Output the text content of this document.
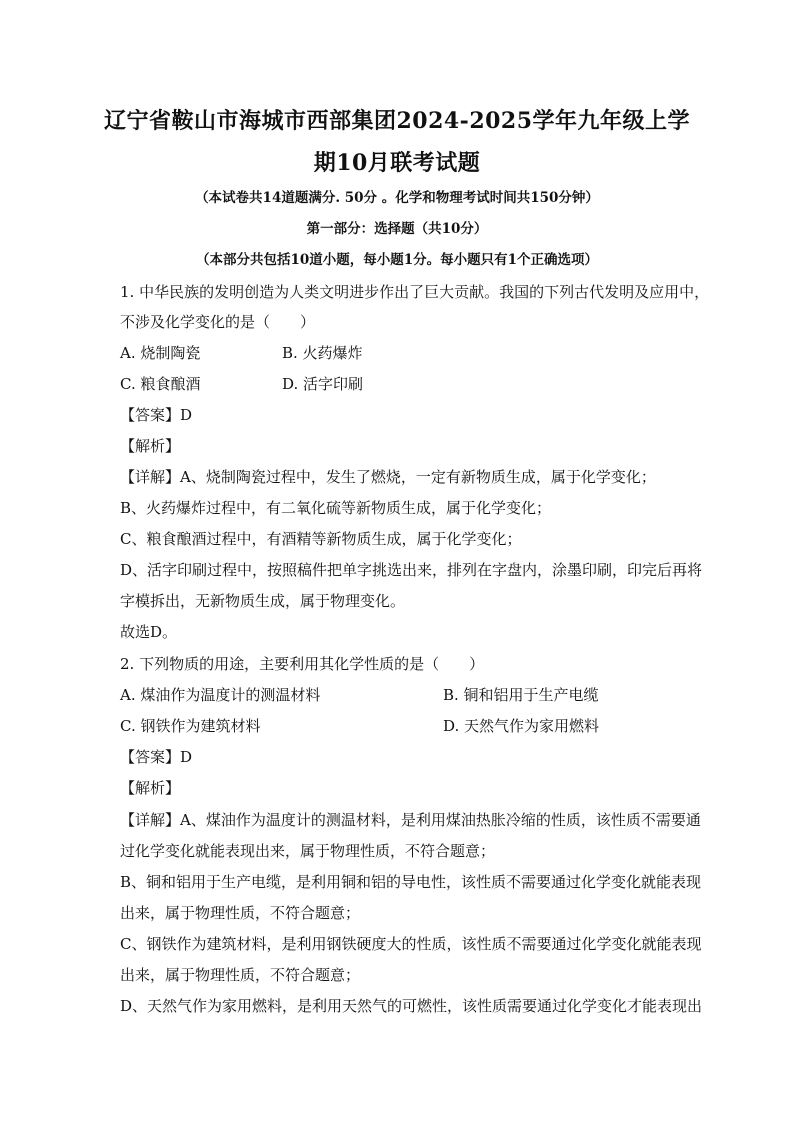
辽宁省鞍山市海城市西部集团2024-2025学年九年级上学
期10月联考试题
（本试卷共14道题满分. 50分 。化学和物理考试时间共150分钟）
第一部分：选择题（共10分）
（本部分共包括10道小题，每小题1分。每小题只有1个正确选项）
1. 中华民族的发明创造为人类文明进步作出了巨大贡献。我国的下列古代发明及应用中，
不涉及化学变化的是（　　）
A. 烧制陶瓷	B. 火药爆炸
C. 粮食酿酒	D. 活字印刷
【答案】D
【解析】
【详解】A、烧制陶瓷过程中，发生了燃烧，一定有新物质生成，属于化学变化；
B、火药爆炸过程中，有二氧化硫等新物质生成，属于化学变化；
C、粮食酿酒过程中，有酒精等新物质生成，属于化学变化；
D、活字印刷过程中，按照稿件把单字挑选出来，排列在字盘内，涂墨印刷，印完后再将
字模拆出，无新物质生成，属于物理变化。
故选D。
2. 下列物质的用途，主要利用其化学性质的是（　　）
A. 煤油作为温度计的测温材料	B. 铜和铝用于生产电缆
C. 钢铁作为建筑材料	D. 天然气作为家用燃料
【答案】D
【解析】
【详解】A、煤油作为温度计的测温材料，是利用煤油热胀冷缩的性质，该性质不需要通
过化学变化就能表现出来，属于物理性质，不符合题意；
B、铜和铝用于生产电缆，是利用铜和铝的导电性，该性质不需要通过化学变化就能表现
出来，属于物理性质，不符合题意；
C、钢铁作为建筑材料，是利用钢铁硬度大的性质，该性质不需要通过化学变化就能表现
出来，属于物理性质，不符合题意；
D、天然气作为家用燃料，是利用天然气的可燃性，该性质需要通过化学变化才能表现出
